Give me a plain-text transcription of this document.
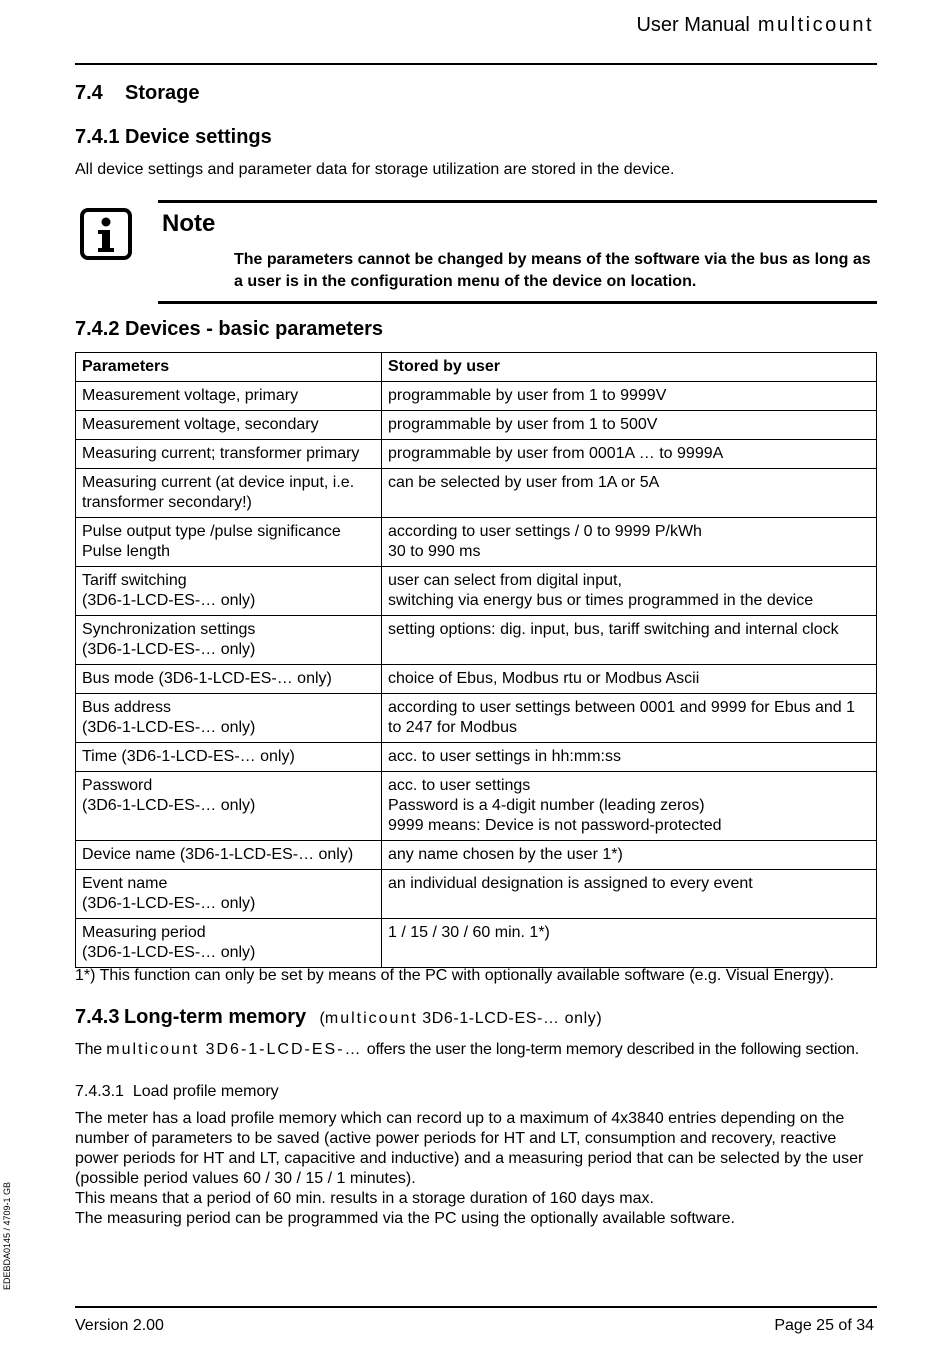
User Manual multicount
7.4 Storage
7.4.1 Device settings

All device settings and parameter data for storage utilization are stored in the device.

Note

The parameters cannot be changed by means of the software via the bus as long as a user is in the configuration menu of the device on location.

7.4.2 Devices - basic parameters
Parameters	Stored by user

Measurement voltage, primary	programmable by user from 1 to 9999V

Measurement voltage, secondary	programmable by user from 1 to 500V

Measuring current; transformer primary	programmable by user from 0001A … to 9999A

Measuring current (at device input, i.e. transformer secondary!)	can be selected by user from 1A or 5A

Pulse output type /pulse significance
Pulse length	according to user settings / 0 to 9999 P/kWh
30 to 990 ms

Tariff switching
(3D6-1-LCD-ES-… only)	user can select from digital input,
switching via energy bus or times programmed in the device

Synchronization settings
(3D6-1-LCD-ES-… only)	setting options: dig. input, bus, tariff switching and internal clock

Bus mode (3D6-1-LCD-ES-… only)	choice of Ebus, Modbus rtu or Modbus Ascii

Bus address
(3D6-1-LCD-ES-… only)	according to user settings between 0001 and 9999 for Ebus and 1 to 247 for Modbus

Time (3D6-1-LCD-ES-… only)	acc. to user settings in hh:mm:ss

Password
(3D6-1-LCD-ES-… only)	acc. to user settings
Password is a 4-digit number (leading zeros)
9999 means: Device is not password-protected

Device name (3D6-1-LCD-ES-… only)	any name chosen by the user 1*)

Event name
(3D6-1-LCD-ES-… only)	an individual designation is assigned to every event

Measuring period
(3D6-1-LCD-ES-… only)	1 / 15 / 30 / 60 min. 1*)

1*) This function can only be set by means of the PC with optionally available software (e.g. Visual Energy).

7.4.3 Long-term memory (multicount 3D6-1-LCD-ES-… only)

The multicount 3D6-1-LCD-ES-… offers the user the long-term memory described in the following section.

7.4.3.1 Load profile memory

The meter has a load profile memory which can record up to a maximum of 4x3840 entries depending on the number of parameters to be saved (active power periods for HT and LT, consumption and recovery, reactive power periods for HT and LT, capacitive and inductive) and a measuring period that can be selected by the user (possible period values 60 / 30 / 15 / 1 minutes).

This means that a period of 60 min. results in a storage duration of 160 days max.

The measuring period can be programmed via the PC using the optionally available software.

Version 2.00	Page 25 of 34
EDEBDA0145 / 4709-1 GB
